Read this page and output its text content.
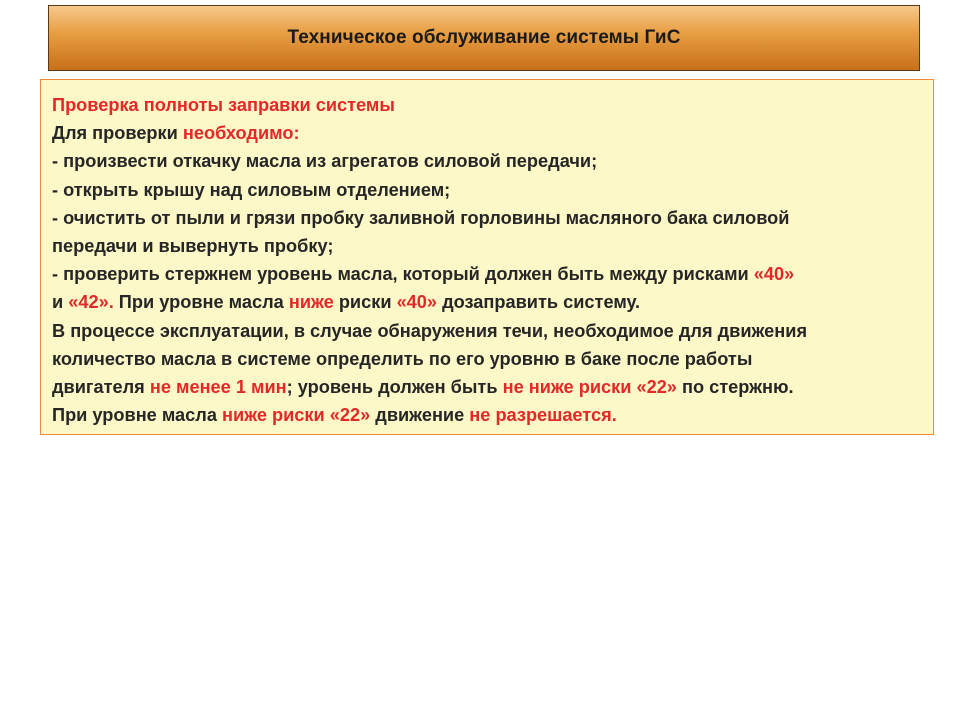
Техническое обслуживание системы ГиС
Проверка полноты заправки системы
Для проверки необходимо:
- произвести откачку масла из агрегатов силовой передачи;
- открыть крышу над силовым отделением;
- очистить от пыли и грязи пробку заливной горловины масляного бака силовой
передачи и вывернуть пробку;
- проверить стержнем уровень масла, который должен быть между рисками «40»
и «42». При уровне масла ниже риски «40» дозаправить систему.
В процессе эксплуатации, в случае обнаружения течи, необходимое для движения
количество масла в системе определить по его уровню в баке после работы
двигателя не менее 1 мин; уровень должен быть не ниже риски «22» по стержню.
При уровне масла ниже риски «22» движение не разрешается.
